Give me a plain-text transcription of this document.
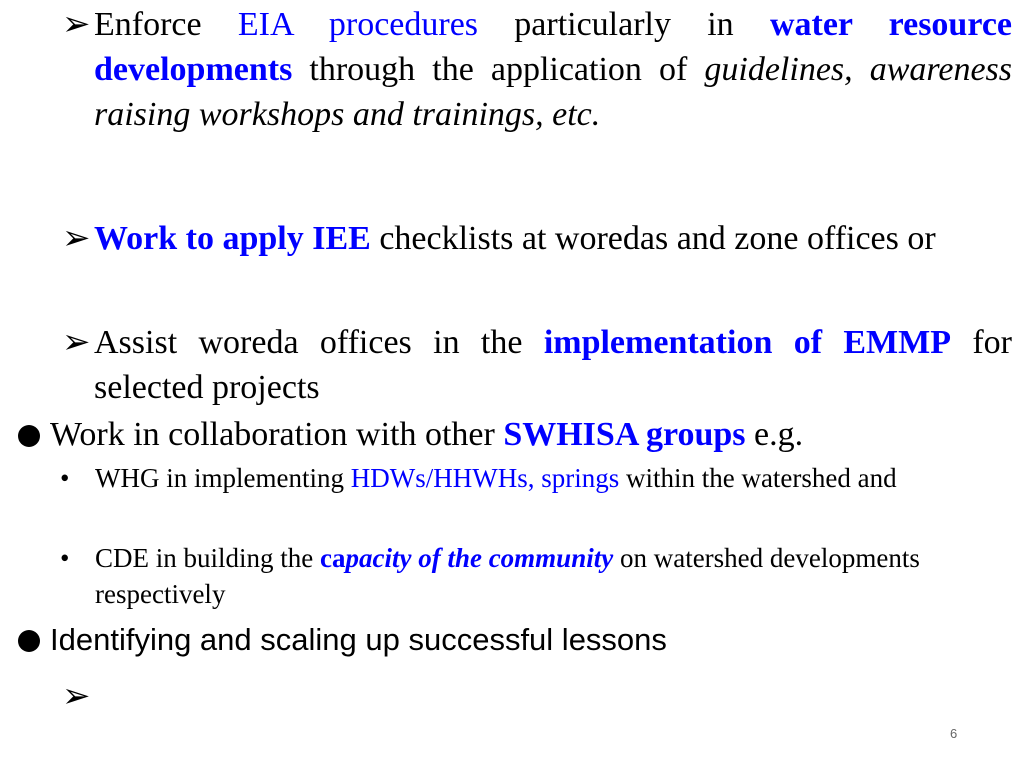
➢ Enforce EIA procedures particularly in water resource developments through the application of guidelines, awareness raising workshops and trainings, etc.
➢ Work to apply IEE checklists at woredas and zone offices or
➢ Assist woreda offices in the implementation of EMMP for selected projects
Work in collaboration with other SWHISA groups e.g.
• WHG in implementing HDWs/HHWHs, springs within the watershed and
• CDE in building the capacity of the community on watershed developments respectively
Identifying and scaling up successful lessons
➢
6
